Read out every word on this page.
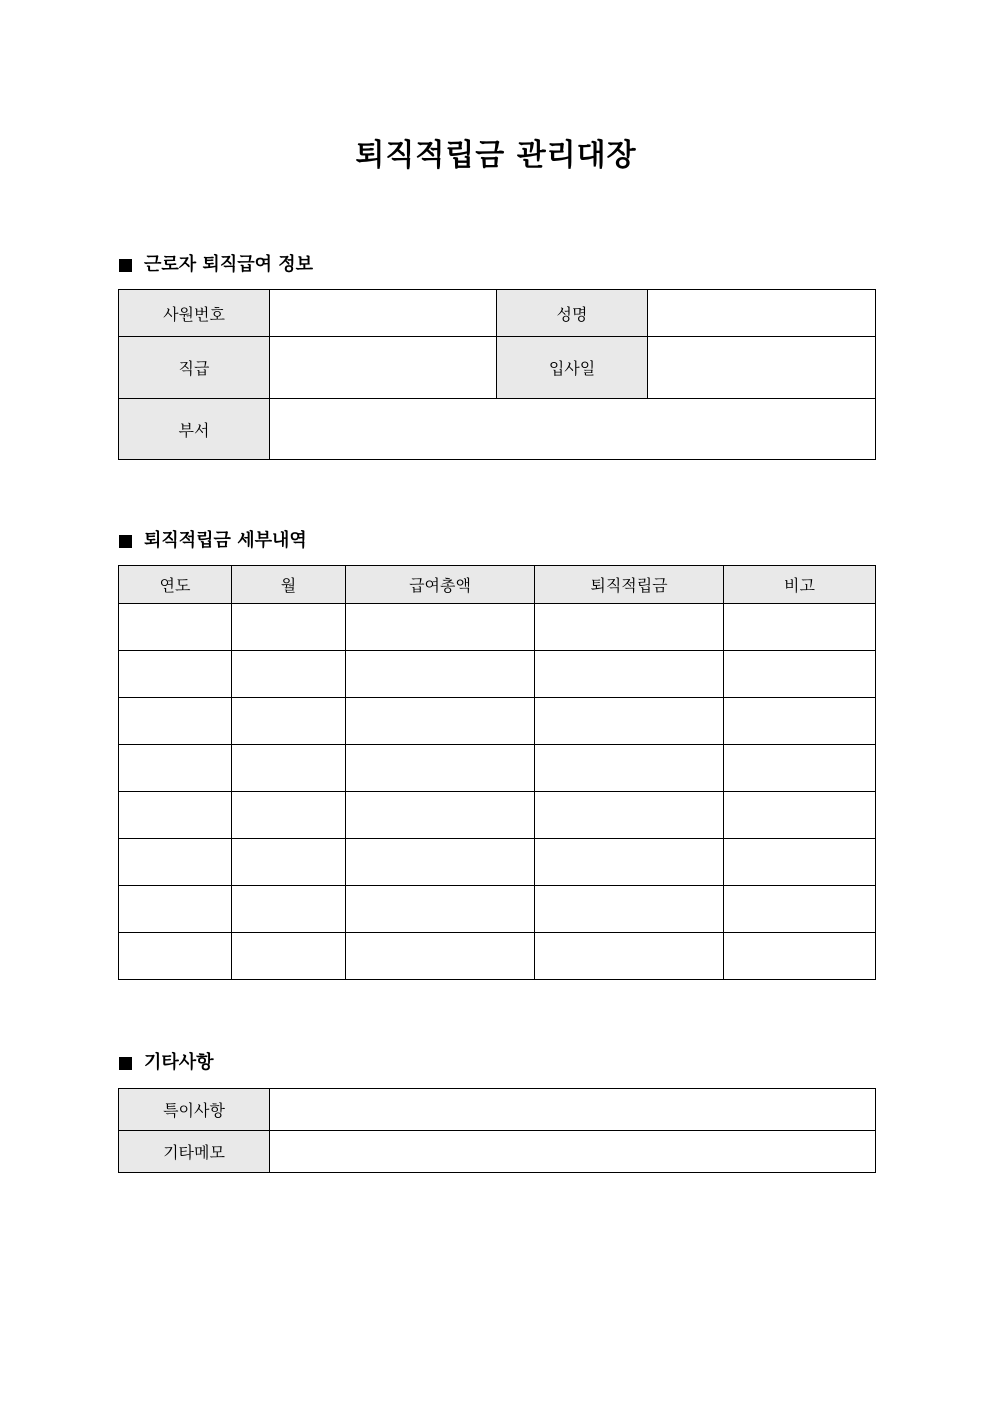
퇴직적립금 관리대장
근로자 퇴직급여 정보
사원번호		성명	
직급		입사일	
부서			
퇴직적립금 세부내역
연도	월	급여총액	퇴직적립금	비고

기타사항
특이사항	
기타메모	
